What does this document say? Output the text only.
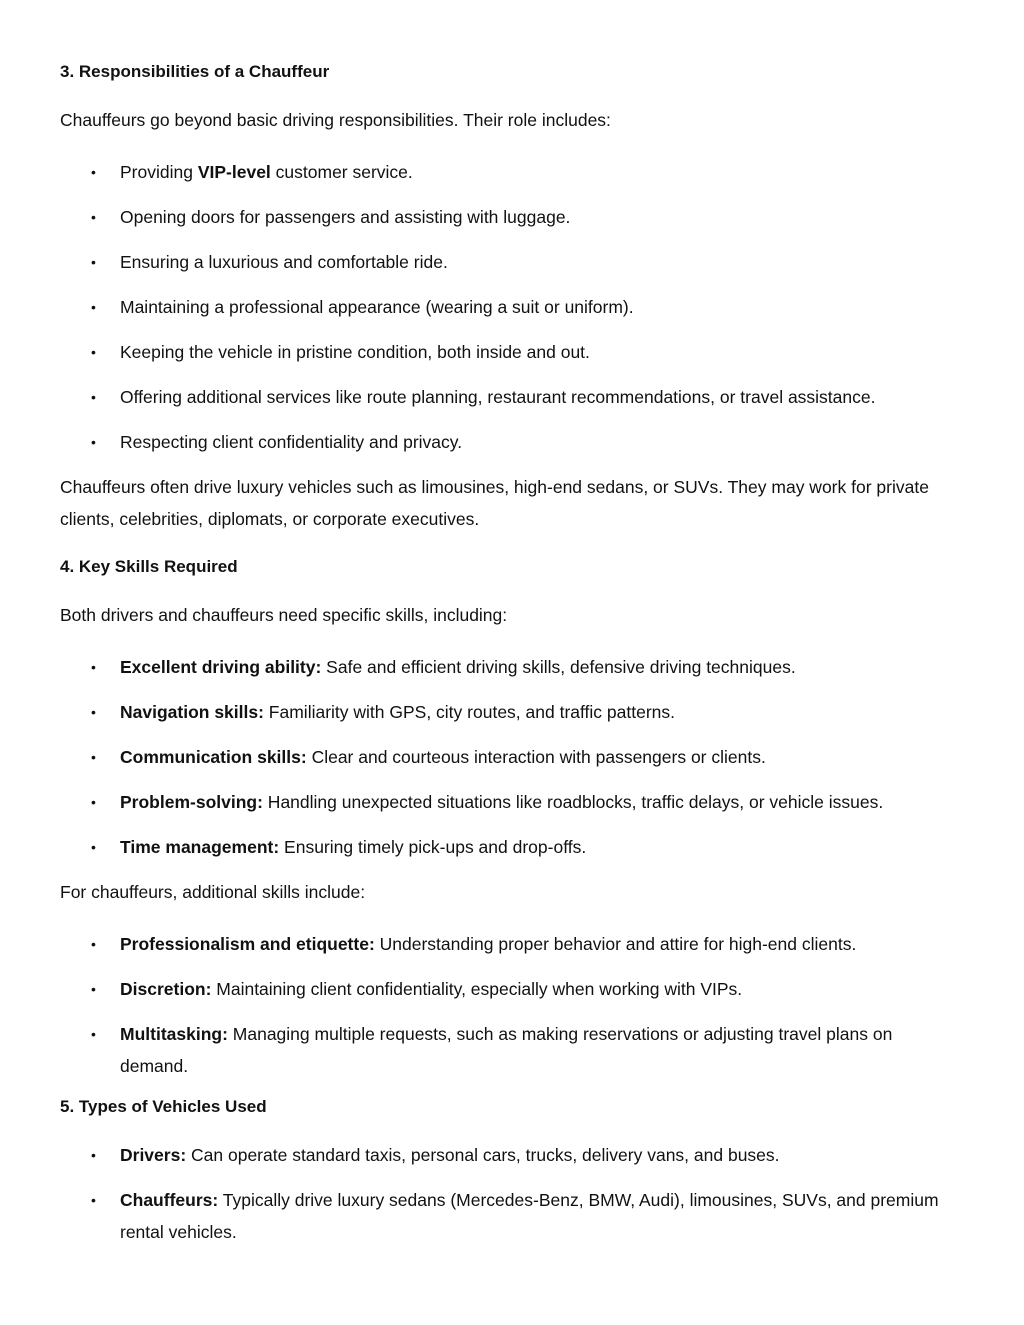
3. Responsibilities of a Chauffeur

Chauffeurs go beyond basic driving responsibilities. Their role includes:

• Providing VIP-level customer service.
• Opening doors for passengers and assisting with luggage.
• Ensuring a luxurious and comfortable ride.
• Maintaining a professional appearance (wearing a suit or uniform).
• Keeping the vehicle in pristine condition, both inside and out.
• Offering additional services like route planning, restaurant recommendations, or travel assistance.
• Respecting client confidentiality and privacy.

Chauffeurs often drive luxury vehicles such as limousines, high-end sedans, or SUVs. They may work for private clients, celebrities, diplomats, or corporate executives.

4. Key Skills Required

Both drivers and chauffeurs need specific skills, including:

• Excellent driving ability: Safe and efficient driving skills, defensive driving techniques.
• Navigation skills: Familiarity with GPS, city routes, and traffic patterns.
• Communication skills: Clear and courteous interaction with passengers or clients.
• Problem-solving: Handling unexpected situations like roadblocks, traffic delays, or vehicle issues.
• Time management: Ensuring timely pick-ups and drop-offs.

For chauffeurs, additional skills include:

• Professionalism and etiquette: Understanding proper behavior and attire for high-end clients.
• Discretion: Maintaining client confidentiality, especially when working with VIPs.
• Multitasking: Managing multiple requests, such as making reservations or adjusting travel plans on demand.
5. Types of Vehicles Used
• Drivers: Can operate standard taxis, personal cars, trucks, delivery vans, and buses.
• Chauffeurs: Typically drive luxury sedans (Mercedes-Benz, BMW, Audi), limousines, SUVs, and premium rental vehicles.
